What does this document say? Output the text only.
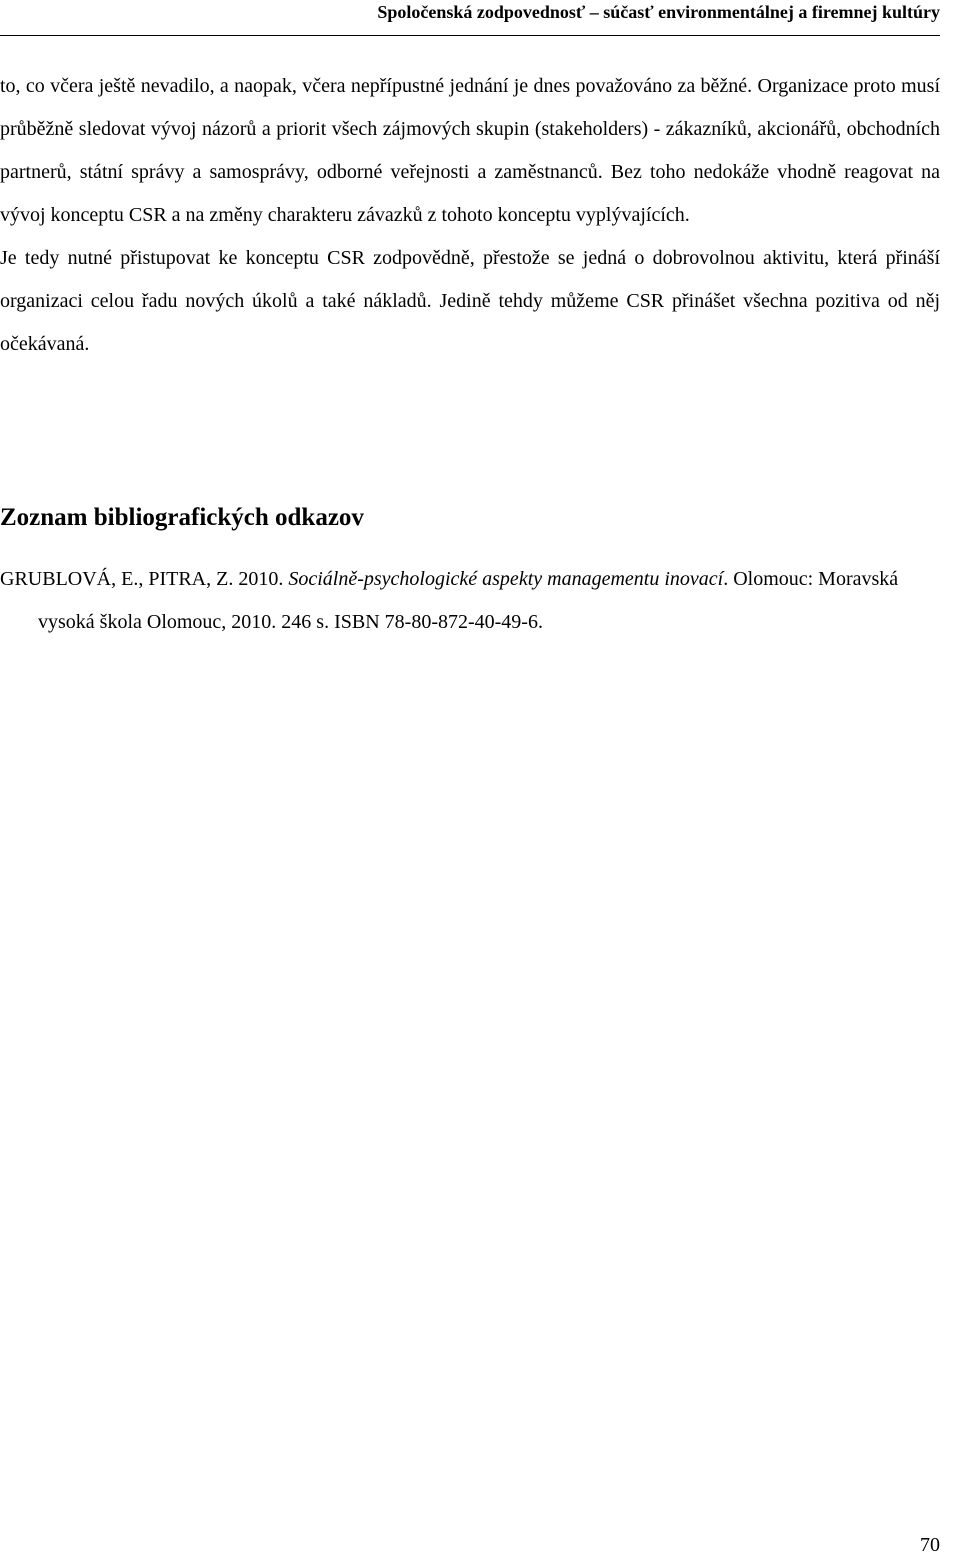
Spoločenská zodpovednosť – súčasť environmentálnej a firemnej kultúry

to, co včera ještě nevadilo, a naopak, včera nepřípustné jednání je dnes považováno za běžné. Organizace proto musí průběžně sledovat vývoj názorů a priorit všech zájmových skupin (stakeholders) - zákazníků, akcionářů, obchodních partnerů, státní správy a samosprávy, odborné veřejnosti a zaměstnanců. Bez toho nedokáže vhodně reagovat na vývoj konceptu CSR a na změny charakteru závazků z tohoto konceptu vyplývajících.

Je tedy nutné přistupovat ke konceptu CSR zodpovědně, přestože se jedná o dobrovolnou aktivitu, která přináší organizaci celou řadu nových úkolů a také nákladů. Jedině tehdy můžeme CSR přinášet všechna pozitiva od něj očekávaná.

Zoznam bibliografických odkazov

GRUBLOVÁ, E., PITRA, Z. 2010. Sociálně-psychologické aspekty managementu inovací. Olomouc: Moravská vysoká škola Olomouc, 2010. 246 s. ISBN 78-80-872-40-49-6.

70
